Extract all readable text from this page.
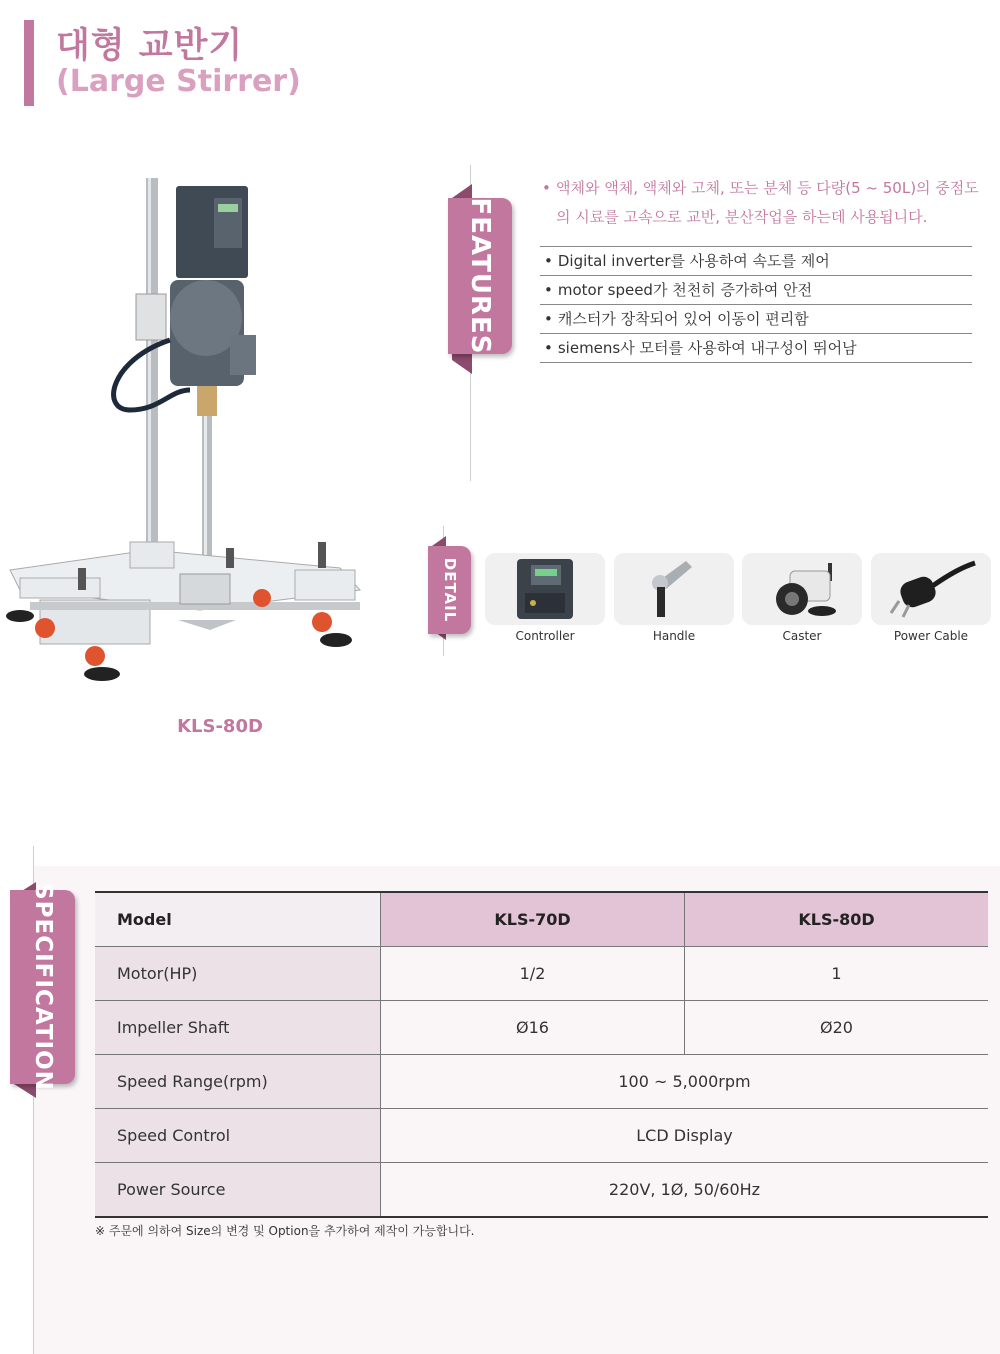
대형 교반기
(Large Stirrer)
KLS-80D
FEATURES
• 액체와 액체, 액체와 고체, 또는 분체 등 다량(5 ~ 50L)의 중점도의 시료를 고속으로 교반, 분산작업을 하는데 사용됩니다.
• Digital inverter를 사용하여 속도를 제어
• motor speed가 천천히 증가하여 안전
• 캐스터가 장착되어 있어 이동이 편리함
• siemens사 모터를 사용하여 내구성이 뛰어남
DETAIL
Controller	Handle	Caster	Power Cable
SPECIFICATION	Model	KLS-70D	KLS-80D
Motor(HP)	1/2	1
Impeller Shaft	Ø16	Ø20
Speed Range(rpm)	100 ~ 5,000rpm	
Speed Control	LCD Display	
Power Source	220V, 1Ø, 50/60Hz	
※ 주문에 의하여 Size의 변경 및 Option을 추가하여 제작이 가능합니다.
